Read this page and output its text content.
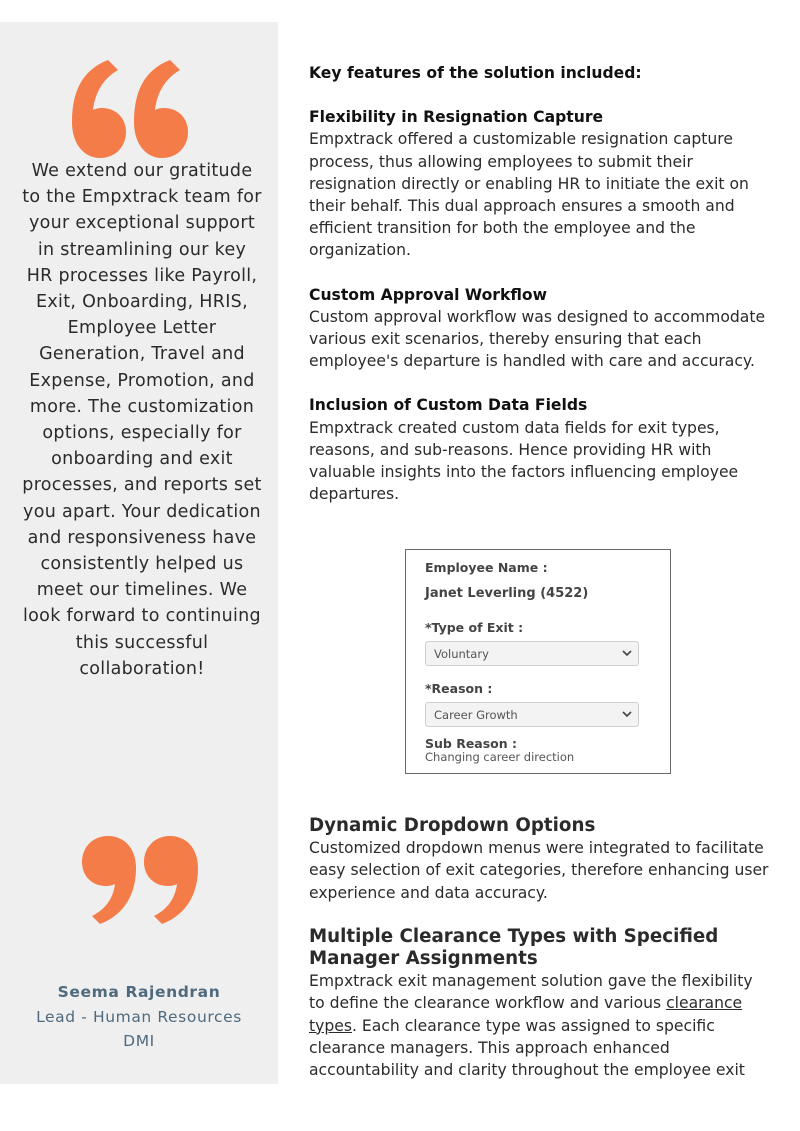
We extend our gratitude to the Empxtrack team for your exceptional support in streamlining our key HR processes like Payroll, Exit, Onboarding, HRIS, Employee Letter Generation, Travel and Expense, Promotion, and more. The customization options, especially for onboarding and exit processes, and reports set you apart. Your dedication and responsiveness have consistently helped us meet our timelines. We look forward to continuing this successful collaboration!
Seema Rajendran
Lead - Human Resources
DMI
Key features of the solution included:
Flexibility in Resignation Capture

Empxtrack offered a customizable resignation capture process, thus allowing employees to submit their resignation directly or enabling HR to initiate the exit on their behalf. This dual approach ensures a smooth and efficient transition for both the employee and the organization.

Custom Approval Workflow

Custom approval workflow was designed to accommodate various exit scenarios, thereby ensuring that each employee's departure is handled with care and accuracy.

Inclusion of Custom Data Fields

Empxtrack created custom data fields for exit types, reasons, and sub-reasons. Hence providing HR with valuable insights into the factors influencing employee departures.

Employee Name :
Janet Leverling (4522)
*Type of Exit :
Voluntary
*Reason :
Career Growth
Sub Reason :
Changing career direction
Dynamic Dropdown Options

Customized dropdown menus were integrated to facilitate easy selection of exit categories, therefore enhancing user experience and data accuracy.

Multiple Clearance Types with Specified Manager Assignments

Empxtrack exit management solution gave the flexibility to define the clearance workflow and various clearance types. Each clearance type was assigned to specific clearance managers. This approach enhanced accountability and clarity throughout the employee exit
